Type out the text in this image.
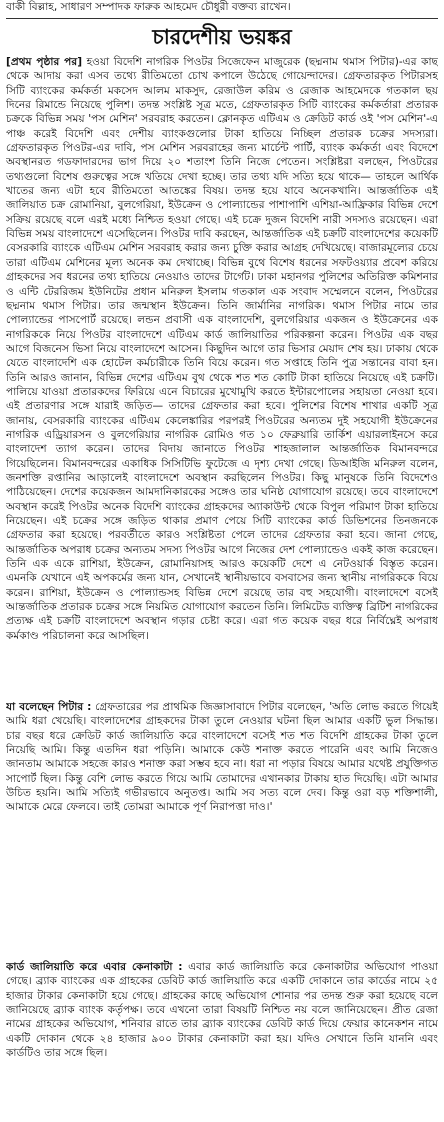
বাকী বিল্লাহ, সাধারণ সম্পাদক ফারুক আহমেদ চৌধুরী বক্তব্য রাখেন।
চারদেশীয় ভয়ঙ্কর
[প্রথম পৃষ্ঠার পর] হওয়া বিদেশি নাগরিক পিওটর সিজেফেন মাজুরেক (ছদ্মনাম থমাস পিটার)-এর কাছ থেকে আদায় করা এসব তথ্যে রীতিমতো চোখ কপালে উঠেছে গোয়েন্দাদের। গ্রেফতারকৃত পিটারসহ সিটি ব্যাংকের কর্মকর্তা মকসেদ আলম মাকসুদ, রেজাউল করিম ও রেজাক আহমেদকে গতকাল ছয় দিনের রিমান্ডে নিয়েছে পুলিশ। তদন্ত সংশ্লিষ্ট সূত্র মতে, গ্রেফতারকৃত সিটি ব্যাংকের কর্মকর্তারা প্রতারক চক্রকে বিভিন্ন সময় 'পস মেশিন' সরবরাহ করতেন। ক্লোনকৃত এটিএম ও ক্রেডিট কার্ড ওই 'পস মেশিন'-এ পাঞ্চ করেই বিদেশি এবং দেশীয় ব্যাংকগুলোর টাকা হাতিয়ে নিচ্ছিল প্রতারক চক্রের সদস্যরা। গ্রেফতারকৃত পিওটর-এর দাবি, পস মেশিন সরবরাহের জন্য মার্চেন্ট পার্টি, ব্যাংক কর্মকর্তা এবং বিদেশে অবস্থানরত গডফাদারদের ভাগ দিয়ে ২০ শতাংশ তিনি নিজে পেতেন। সংশ্লিষ্টরা বলছেন, পিওটরের তথ্যগুলো বিশেষ গুরুত্বের সঙ্গে খতিয়ে দেখা হচ্ছে। তার তথ্য যদি সত্যি হয়ে থাকে— তাহলে আর্থিক খাতের জন্য এটা হবে রীতিমতো আতঙ্কের বিষয়। তদন্ত হয়ে যাবে অনেকখানি। আন্তর্জাতিক এই জালিয়াত চক্র রোমানিয়া, বুলগেরিয়া, ইউক্রেন ও পোল্যান্ডের পাশাপাশি এশিয়া-আফ্রিকার বিভিন্ন দেশে সক্রিয় রয়েছে বলে এরই মধ্যে নিশ্চিত হওয়া গেছে। এই চক্রে দুজন বিদেশি নারী সদস্যও রয়েছেন। এরা বিভিন্ন সময় বাংলাদেশে এসেছিলেন। পিওটর দাবি করছেন, আন্তর্জাতিক এই চক্রটি বাংলাদেশের কয়েকটি বেসরকারি ব্যাংকে এটিএম মেশিন সরবরাহ করার জন্য চুক্তি করার আগ্রহ দেখিয়েছে। বাজারমূল্যের চেয়ে তারা এটিএম মেশিনের মূল্য অনেক কম দেখাচ্ছে। বিভিন্ন বুথে বিশেষ ধরনের সফটওয়্যার প্রবেশ করিয়ে গ্রাহকদের সব ধরনের তথ্য হাতিয়ে নেওয়াও তাদের টার্গেট। ঢাকা মহানগর পুলিশের অতিরিক্ত কমিশনার ও এন্টি টেররিজম ইউনিটের প্রধান মনিরুল ইসলাম গতকাল এক সংবাদ সম্মেলনে বলেন, পিওটরের ছদ্মনাম থমাস পিটার। তার জন্মস্থান ইউক্রেন। তিনি জার্মানির নাগরিক। থমাস পিটার নামে তার পোল্যান্ডের পাসপোর্ট রয়েছে। লন্ডন প্রবাসী এক বাংলাদেশি, বুলগেরিয়ার একজন ও ইউক্রেনের এক নাগরিককে নিয়ে পিওটর বাংলাদেশে এটিএম কার্ড জালিয়াতির পরিকল্পনা করেন। পিওটর এক বছর আগে বিজনেস ভিসা নিয়ে বাংলাদেশে আসেন। কিছুদিন আগে তার ভিসার মেয়াদ শেষ হয়। ঢাকায় থেকে যেতে বাংলাদেশি এক হোটেল কর্মচারীকে তিনি বিয়ে করেন। গত সপ্তাহে তিনি পুত্র সন্তানের বাবা হন। তিনি আরও জানান, বিভিন্ন দেশের এটিএম বুথ থেকে শত শত কোটি টাকা হাতিয়ে নিয়েছে এই চক্রটি। পালিয়ে যাওয়া প্রতারকদের ফিরিয়ে এনে বিচারের মুখোমুখি করতে ইন্টারপোলের সহায়তা নেওয়া হবে। এই প্রতারণার সঙ্গে যারাই জড়িত— তাদের গ্রেফতার করা হবে। পুলিশের বিশেষ শাখার একটি সূত্র জানায়, বেসরকারি ব্যাংকের এটিএম কেলেঙ্কারির পরপরই পিওটরের অন্যতম দুই সহযোগী ইউক্রেনের নাগরিক এড্রিয়ারসন ও বুলগেরিয়ার নাগরিক রোমিও গত ১০ ফেব্রুয়ারি তার্কিশ এয়ারলাইনসে করে বাংলাদেশ ত্যাগ করেন। তাদের বিদায় জানাতে পিওটর শাহজালাল আন্তর্জাতিক বিমানবন্দরে গিয়েছিলেন। বিমানবন্দরের একাধিক সিসিটিভি ফুটেজে এ দৃশ্য দেখা গেছে। ডিআইজি মনিরুল বলেন, জনশক্তি রপ্তানির আড়ালেই বাংলাদেশে অবস্থান করছিলেন পিওটর। কিছু মানুষকে তিনি বিদেশেও পাঠিয়েছেন। দেশের কয়েকজন আমদানিকারকের সঙ্গেও তার ঘনিষ্ঠ যোগাযোগ রয়েছে। তবে বাংলাদেশে অবস্থান করেই পিওটর অনেক বিদেশি ব্যাংকের গ্রাহকদের অ্যাকাউন্ট থেকে বিপুল পরিমাণ টাকা হাতিয়ে নিয়েছেন। এই চক্রের সঙ্গে জড়িত থাকার প্রমাণ পেয়ে সিটি ব্যাংকের কার্ড ডিভিশনের তিনজনকে গ্রেফতার করা হয়েছে। পরবর্তীতে কারও সংশ্লিষ্টতা পেলে তাদের গ্রেফতার করা হবে। জানা গেছে, আন্তর্জাতিক অপরাধ চক্রের অন্যতম সদস্য পিওটর আগে নিজের দেশ পোল্যান্ডেও একই কাজ করেছেন। তিনি এক একে রাশিয়া, ইউক্রেন, রোমানিয়াসহ আরও কয়েকটি দেশে এ নেটওয়ার্ক বিস্তৃত করেন। এমনকি যেখানে এই অপকর্মের জন্য যান, সেখানেই স্থানীয়ভাবে বসবাসের জন্য স্থানীয় নাগরিককে বিয়ে করেন। রাশিয়া, ইউক্রেন ও পোল্যান্ডসহ বিভিন্ন দেশে রয়েছে তার বহু সহযোগী। বাংলাদেশে বসেই আন্তর্জাতিক প্রতারক চক্রের সঙ্গে নিয়মিত যোগাযোগ করতেন তিনি। লিমিটেড ব্যক্তিত্ব ব্রিটিশ নাগরিকের প্রত্যক্ষ এই চক্রটি বাংলাদেশে অবস্থান গড়ার চেষ্টা করে। এরা গত কয়েক বছর ধরে নির্বিঘ্নেই অপরাধ কর্মকাণ্ড পরিচালনা করে আসছিল।
যা বলেছেন পিটার : গ্রেফতারের পর প্রাথমিক জিজ্ঞাসাবাদে পিটার বলেছেন, 'অতি লোভ করতে গিয়েই আমি ধরা খেয়েছি। বাংলাদেশের গ্রাহকদের টাকা তুলে নেওয়ার ঘটনা ছিল আমার একটি ভুল সিদ্ধান্ত। চার বছর ধরে ক্রেডিট কার্ড জালিয়াতি করে বাংলাদেশে বসেই শত শত বিদেশি গ্রাহকের টাকা তুলে নিয়েছি আমি। কিন্তু এতদিন ধরা পড়িনি। আমাকে কেউ শনাক্ত করতে পারেনি এবং আমি নিজেও জানতাম আমাকে সহজে কারও শনাক্ত করা সম্ভব হবে না। ধরা না পড়ার বিষয়ে আমার যথেষ্ট প্রযুক্তিগত সাপোর্ট ছিল। কিন্তু বেশি লোভ করতে গিয়ে আমি তোমাদের এখানকার টাকায় হাত দিয়েছি। এটা আমার উচিত হয়নি। আমি সত্যিই গভীরভাবে অনুতপ্ত। আমি সব সত্য বলে দেব। কিন্তু ওরা বড় শক্তিশালী, আমাকে মেরে ফেলবে। তাই তোমরা আমাকে পূর্ণ নিরাপত্তা দাও।'
কার্ড জালিয়াতি করে এবার কেনাকাটা : এবার কার্ড জালিয়াতি করে কেনাকাটার অভিযোগ পাওয়া গেছে। ব্র্যাক ব্যাংকের এক গ্রাহকের ডেবিট কার্ড জালিয়াতি করে একটি দোকানে তার কার্ডের নামে ২৫ হাজার টাকার কেনাকাটা হয়ে গেছে। গ্রাহকের কাছে অভিযোগ শোনার পর তদন্ত শুরু করা হয়েছে বলে জানিয়েছে ব্র্যাক ব্যাংক কর্তৃপক্ষ। তবে এখনো তারা বিষয়টি নিশ্চিত নয় বলে জানিয়েছেন। প্রীত রেজা নামের গ্রাহকের অভিযোগ, শনিবার রাতে তার ব্র্যাক ব্যাংকের ডেবিট কার্ড দিয়ে ফেয়ার কানেকশন নামে একটি দোকান থেকে ২৪ হাজার ৯০০ টাকার কেনাকাটা করা হয়। যদিও সেখানে তিনি যাননি এবং কার্ডটিও তার সঙ্গে ছিল।
